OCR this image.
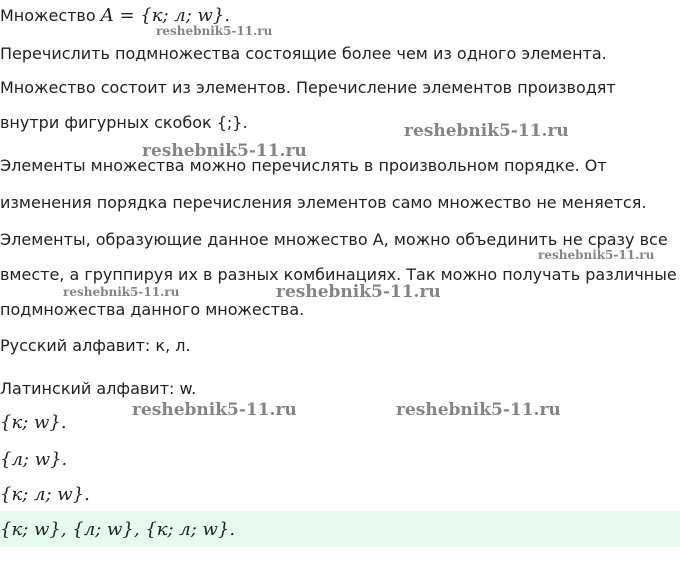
Множество A = {к; л; w}.
Перечислить подмножества состоящие более чем из одного элемента.
Множество состоит из элементов. Перечисление элементов производят
внутри фигурных скобок {;}.
Элементы множества можно перечислять в произвольном порядке. От
изменения порядка перечисления элементов само множество не меняется.
Элементы, образующие данное множество А, можно объединить не сразу все
вместе, а группируя их в разных комбинациях. Так можно получать различные
подмножества данного множества.
Русский алфавит: к, л.
Латинский алфавит: w.
{к; w}.
{л; w}.
{к; л; w}.
{к; w}, {л; w}, {к; л; w}.
reshebnik5-11.ru
reshebnik5-11.ru
reshebnik5-11.ru
reshebnik5-11.ru
reshebnik5-11.ru	reshebnik5-11.ru
reshebnik5-11.ru	reshebnik5-11.ru
